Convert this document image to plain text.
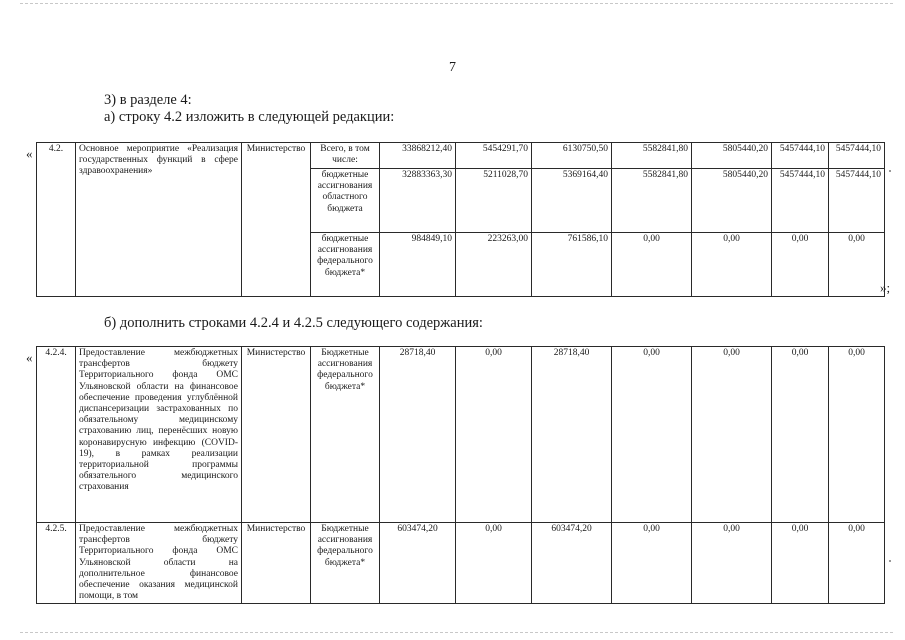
7
3) в разделе 4:
а) строку 4.2 изложить в следующей редакции:
« 4.2.	Основное мероприятие «Реализация государственных функций в сфере здравоохранения»	Министерство	Всего, в том числе:	33868212,40	5454291,70	6130750,50	5582841,80	5805440,20	5457444,10	5457444,10
			бюджетные ассигнования областного бюджета	32883363,30	5211028,70	5369164,40	5582841,80	5805440,20	5457444,10	5457444,10
			бюджетные ассигнования федерального бюджета*	984849,10	223263,00	761586,10	0,00	0,00	0,00	0,00
»;
б) дополнить строками 4.2.4 и 4.2.5 следующего содержания:
« 4.2.4.	Предоставление межбюджетных трансфертов бюджету Территориального фонда ОМС Ульяновской области на финансовое обеспечение проведения углублённой диспансеризации застрахованных по обязательному медицинскому страхованию лиц, перенёсших новую коронавирусную инфекцию (COVID-19), в рамках реализации территориальной программы обязательного медицинского страхования	Министерство	Бюджетные ассигнования федерального бюджета*	28718,40	0,00	28718,40	0,00	0,00	0,00	0,00
4.2.5.	Предоставление межбюджетных трансфертов бюджету Территориального фонда ОМС Ульяновской области на дополнительное финансовое обеспечение оказания медицинской помощи, в том	Министерство	Бюджетные ассигнования федерального бюджета*	603474,20	0,00	603474,20	0,00	0,00	0,00	0,00
